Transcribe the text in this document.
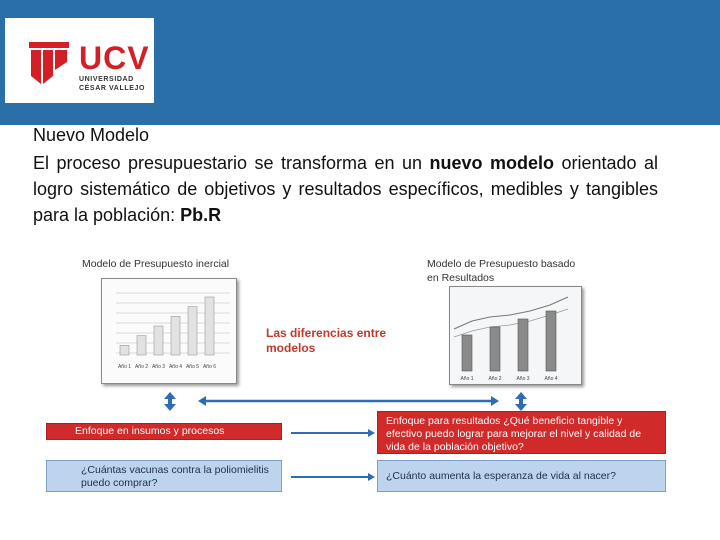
UCV
UNIVERSIDAD
CÉSAR VALLEJO
Nuevo Modelo
El proceso presupuestario se transforma en un nuevo modelo orientado al logro sistemático de objetivos y resultados específicos, medibles y tangibles para la población: Pb.R
Modelo de Presupuesto inercial	Modelo de Presupuesto basado
en Resultados
Año 1 Año 2 Año 3 Año 4 Año 5 Año 6
Año 1	Año 2	Año 3	Año 4
Las diferencias entre
modelos
Enfoque en insumos y procesos
Enfoque para resultados ¿Qué beneficio tangible y efectivo puedo lograr para mejorar el nivel y calidad de vida de la población objetivo?
¿Cuántas vacunas contra la poliomielitis puedo comprar?
¿Cuánto aumenta la esperanza de vida al nacer?
